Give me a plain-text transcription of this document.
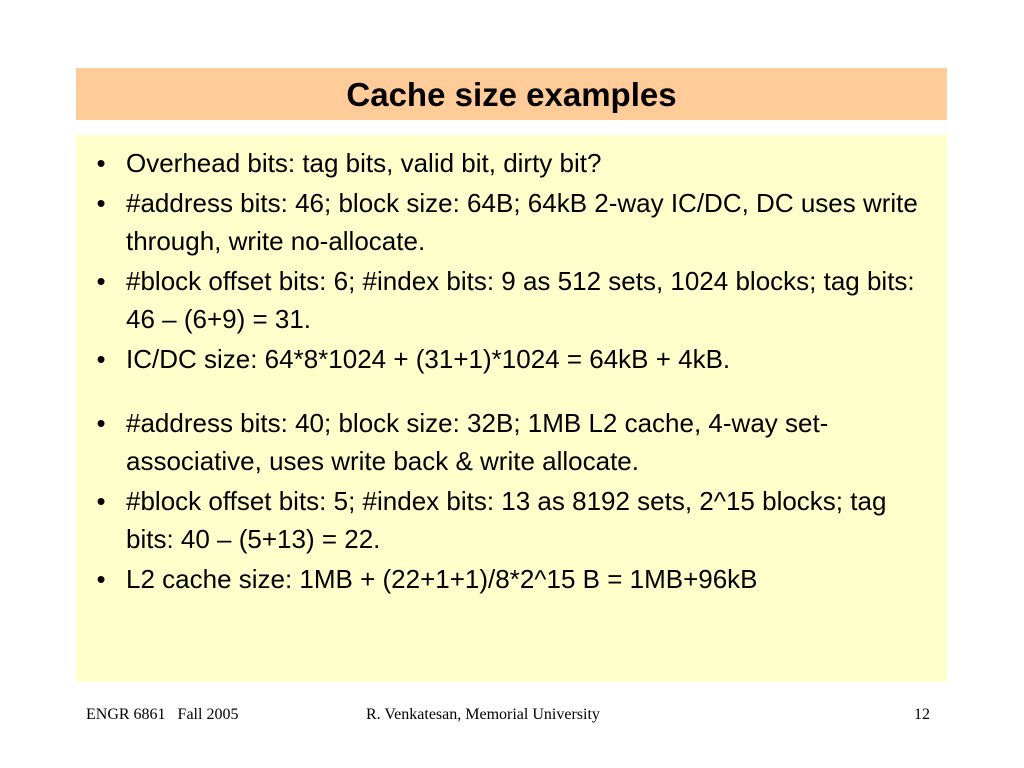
Cache size examples
• Overhead bits: tag bits, valid bit, dirty bit?
• #address bits: 46; block size: 64B; 64kB 2-way IC/DC, DC uses write through, write no-allocate.
• #block offset bits: 6; #index bits: 9 as 512 sets, 1024 blocks; tag bits: 46 – (6+9) = 31.
• IC/DC size: 64*8*1024 + (31+1)*1024 = 64kB + 4kB.
• #address bits: 40; block size: 32B; 1MB L2 cache, 4-way set-associative, uses write back & write allocate.
• #block offset bits: 5; #index bits: 13 as 8192 sets, 2^15 blocks; tag bits: 40 – (5+13) = 22.
• L2 cache size: 1MB + (22+1+1)/8*2^15 B = 1MB+96kB
ENGR 6861   Fall 2005	R. Venkatesan, Memorial University	12
